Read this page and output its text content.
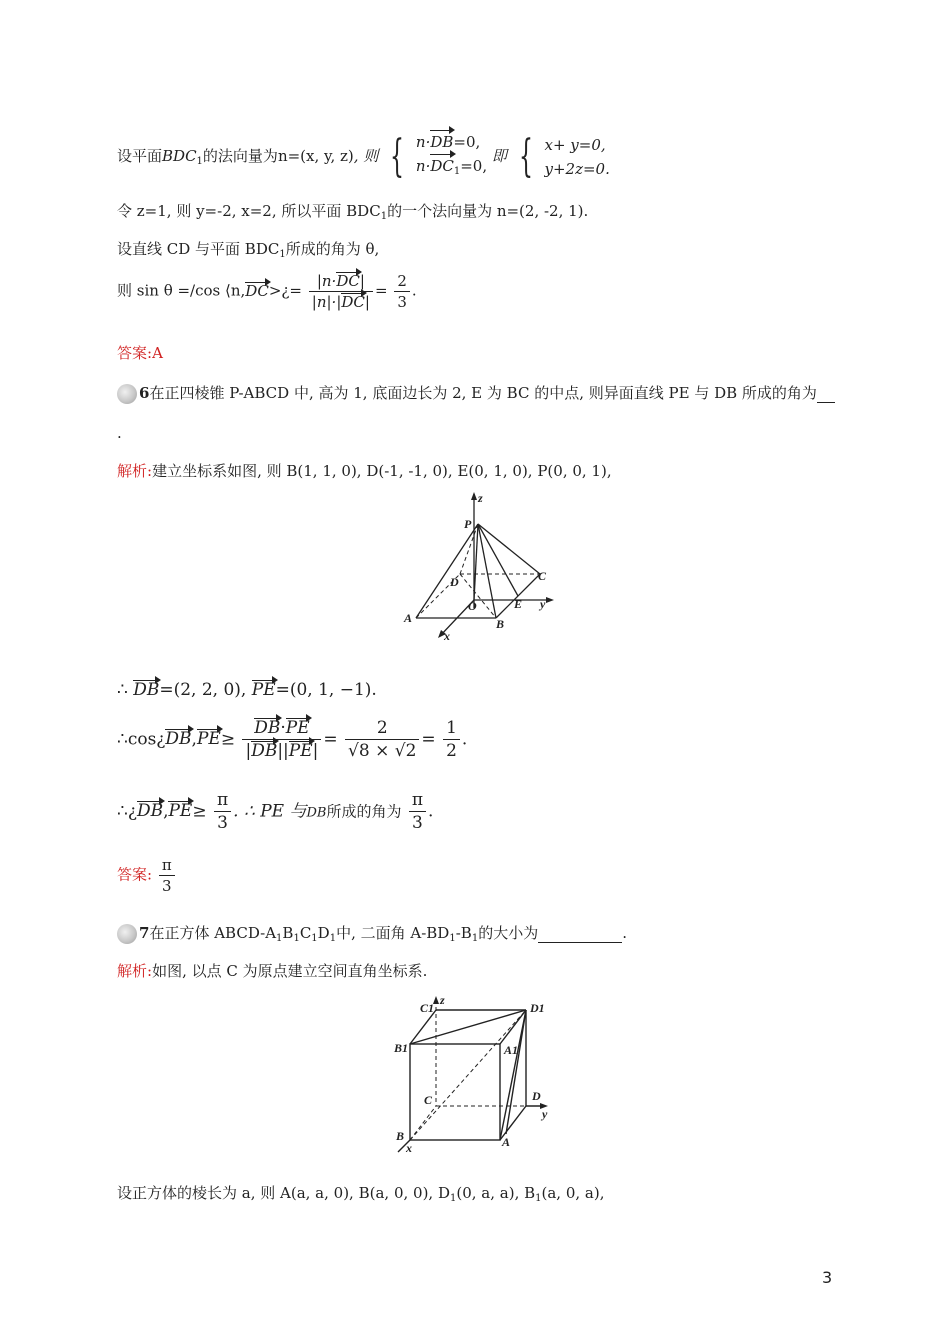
设平面$BDC_1$的法向量为n=(x, y, z), 则 { n·DB=0,
$n\cdot DC_1=0$,
即 { x+ y=0,
y+2z=0.
令 z=1, 则 y=-2, x=2, 所以平面 $BDC_1$的一个法向量为 n=(2, -2, 1).
设直线 CD 与平面 $BDC_1$所成的角为 θ,
则 sin θ =/cos ⟨n,DC>¿= $\frac{|n\cdot DC|}{|n|\cdot|DC|} = \frac{2}{3}$ .
答案:A
6在正四棱锥 P-ABCD 中, 高为 1, 底面边长为 2, E 为 BC 的中点, 则异面直线 PE 与 DB 所成的角为
.
解析:建立坐标系如图, 则 B(1, 1, 0), D(-1, -1, 0), E(0, 1, 0), P(0, 0, 1),
z
P
D	C
O	E y
A	B
x
∴ DB=(2, 2, 0), PE=(0, 1, −1).
∴cos¿DB,PE≥ $\frac{DB\cdot PE}{|DB||PE|} = \frac{2}{√8 \times √2} = \frac{1}{2}$ .
∴¿DB,PE≥ $\frac{\pi}{3}$ . ∴ PE 与DB所成的角为 $\frac{\pi}{3}$ .
答案: $\frac{\pi}{3}$
7在正方体 ABCD-$A_1B_1C_1D_1$中, 二面角 $A-BD_1-B_1$的大小为	.
解析:如图, 以点 C 为原点建立空间直角坐标系.
C1
z
D1
B1	A1
C	D
y
B
x	A
设正方体的棱长为 a, 则 A(a, a, 0), B(a, 0, 0), $D_1(0$, a, a), $B_1(a$, 0, a),
3
